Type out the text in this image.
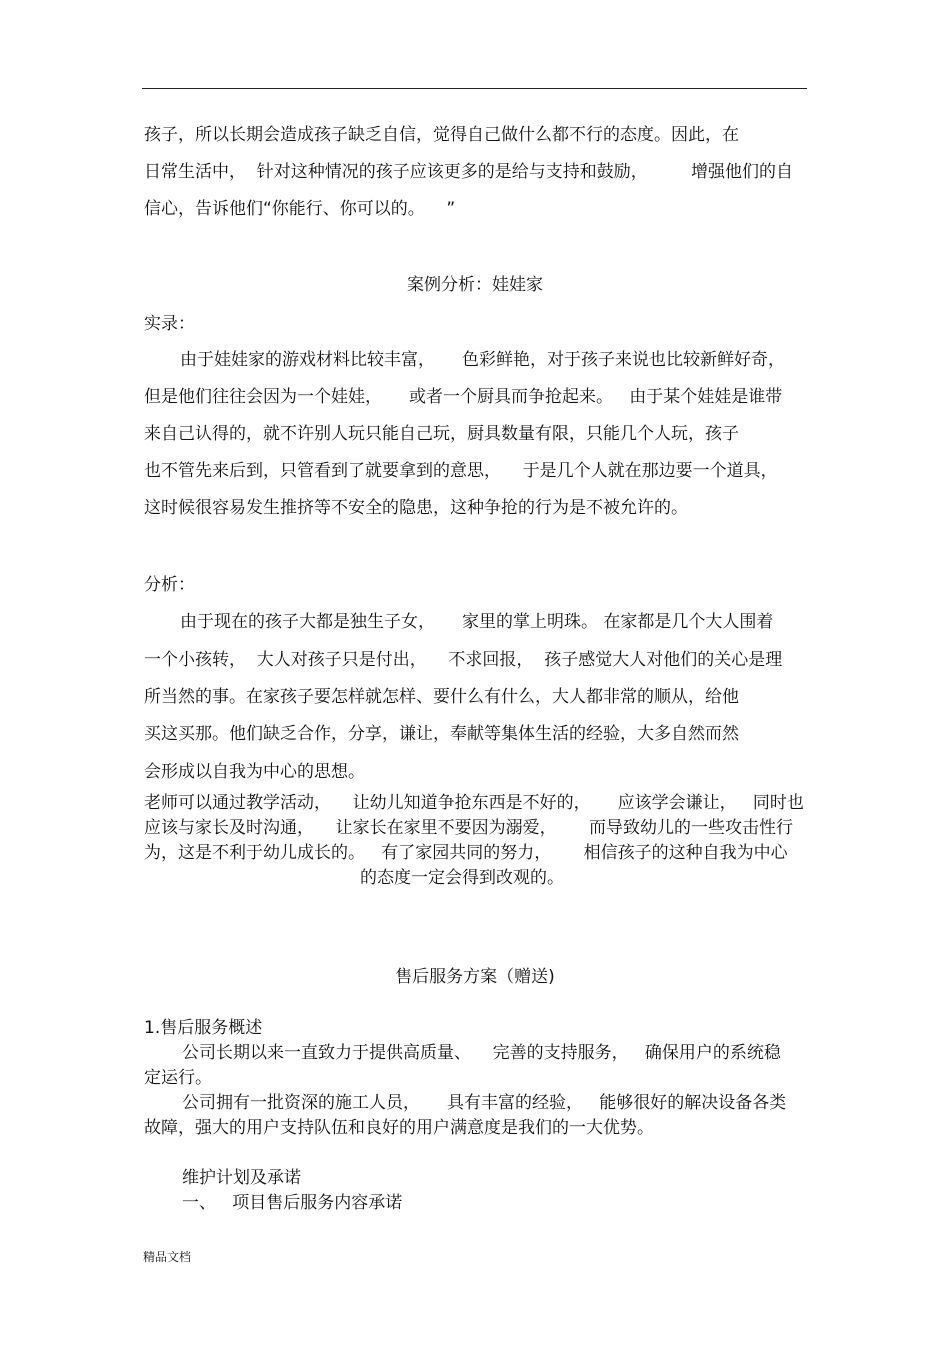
孩子，所以长期会造成孩子缺乏自信，觉得自己做什么都不行的态度。因此，在
日常生活中，  针对这种情况的孩子应该更多的是给与支持和鼓励，        增强他们的自
信心，告诉他们“你能行、你可以的。    ”
案例分析：娃娃家
实录：
由于娃娃家的游戏材料比较丰富，     色彩鲜艳，对于孩子来说也比较新鲜好奇，
但是他们往往会因为一个娃娃，     或者一个厨具而争抢起来。   由于某个娃娃是谁带
来自己认得的，就不许别人玩只能自己玩，厨具数量有限，只能几个人玩，孩子
也不管先来后到，只管看到了就要拿到的意思，    于是几个人就在那边要一个道具，
这时候很容易发生推挤等不安全的隐患，这种争抢的行为是不被允许的。
分析：
由于现在的孩子大都是独生子女，     家里的掌上明珠。 在家都是几个大人围着
一个小孩转，  大人对孩子只是付出，    不求回报，  孩子感觉大人对他们的关心是理
所当然的事。在家孩子要怎样就怎样、要什么有什么，大人都非常的顺从，给他
买这买那。他们缺乏合作，分享，谦让，奉献等集体生活的经验，大多自然而然
会形成以自我为中心的思想。
老师可以通过教学活动，    让幼儿知道争抢东西是不好的，     应该学会谦让，   同时也
应该与家长及时沟通，    让家长在家里不要因为溺爱，      而导致幼儿的一些攻击性行
为，这是不利于幼儿成长的。   有了家园共同的努力，      相信孩子的这种自我为中心
的态度一定会得到改观的。
售后服务方案（赠送)
1.售后服务概述
公司长期以来一直致力于提供高质量、    完善的支持服务，   确保用户的系统稳
定运行。
公司拥有一批资深的施工人员，     具有丰富的经验，   能够很好的解决设备各类
故障，强大的用户支持队伍和良好的用户满意度是我们的一大优势。
维护计划及承诺
一、   项目售后服务内容承诺
精品文档
